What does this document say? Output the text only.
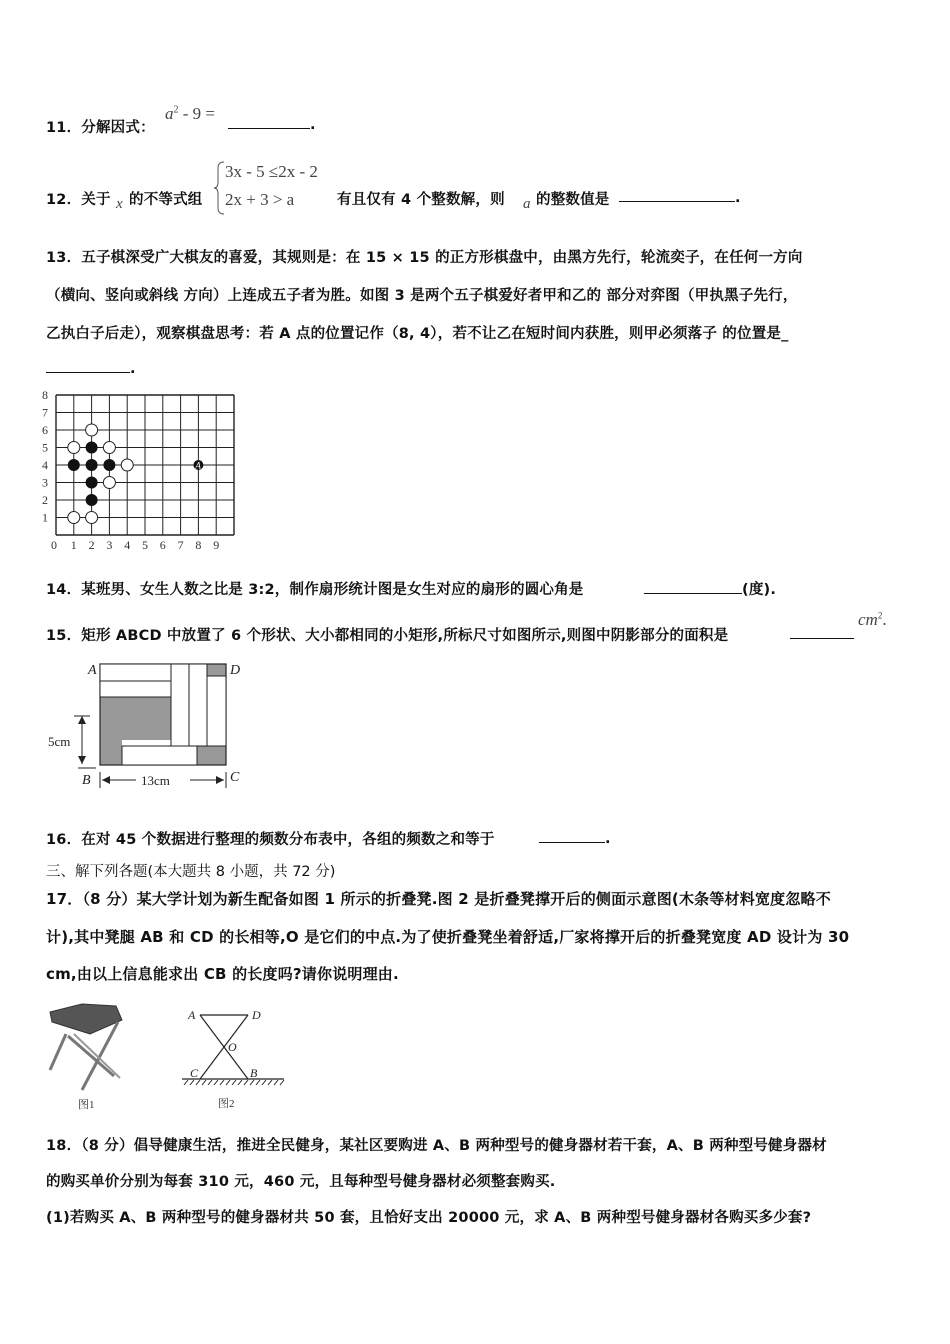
11．分解因式：
$a^2 - 9$ =
.
12．关于 x 的不等式组
3x - 5 ≤2x - 2
2x + 3 > a	有且仅有 4 个整数解，则 a 的整数值是	.
13．五子棋深受广大棋友的喜爱，其规则是：在 15 × 15 的正方形棋盘中，由黑方先行，轮流奕子，在任何一方向
（横向、竖向或斜线 方向）上连成五子者为胜。如图 3 是两个五子棋爱好者甲和乙的 部分对弈图（甲执黑子先行，
乙执白子后走），观察棋盘思考：若 A 点的位置记作（8, 4），若不让乙在短时间内获胜，则甲必须落子 的位置是_
.
8
7
6
5
4
3
2
1
0 1 2 3 4 5 6 7 8 9
A
14．某班男、女生人数之比是 3:2，制作扇形统计图是女生对应的扇形的圆心角是	(度).
15．矩形 ABCD 中放置了 6 个形状、大小都相同的小矩形,所标尺寸如图所示,则图中阴影部分的面积是
$cm^2$.
A	D
B	C
5cm
13cm
16．在对 45 个数据进行整理的频数分布表中，各组的频数之和等于	.
三、解下列各题(本大题共 8 小题，共 72 分)
17．（8 分）某大学计划为新生配备如图 1 所示的折叠凳.图 2 是折叠凳撑开后的侧面示意图(木条等材料宽度忽略不
计),其中凳腿 AB 和 CD 的长相等,O 是它们的中点.为了使折叠凳坐着舒适,厂家将撑开后的折叠凳宽度 AD 设计为 30
cm,由以上信息能求出 CB 的长度吗?请你说明理由.
图1
A	D
O
C	B
图2
18．（8 分）倡导健康生活，推进全民健身，某社区要购进 A、B 两种型号的健身器材若干套，A、B 两种型号健身器材
的购买单价分别为每套 310 元，460 元，且每种型号健身器材必须整套购买.
(1)若购买 A、B 两种型号的健身器材共 50 套，且恰好支出 20000 元，求 A、B 两种型号健身器材各购买多少套?
